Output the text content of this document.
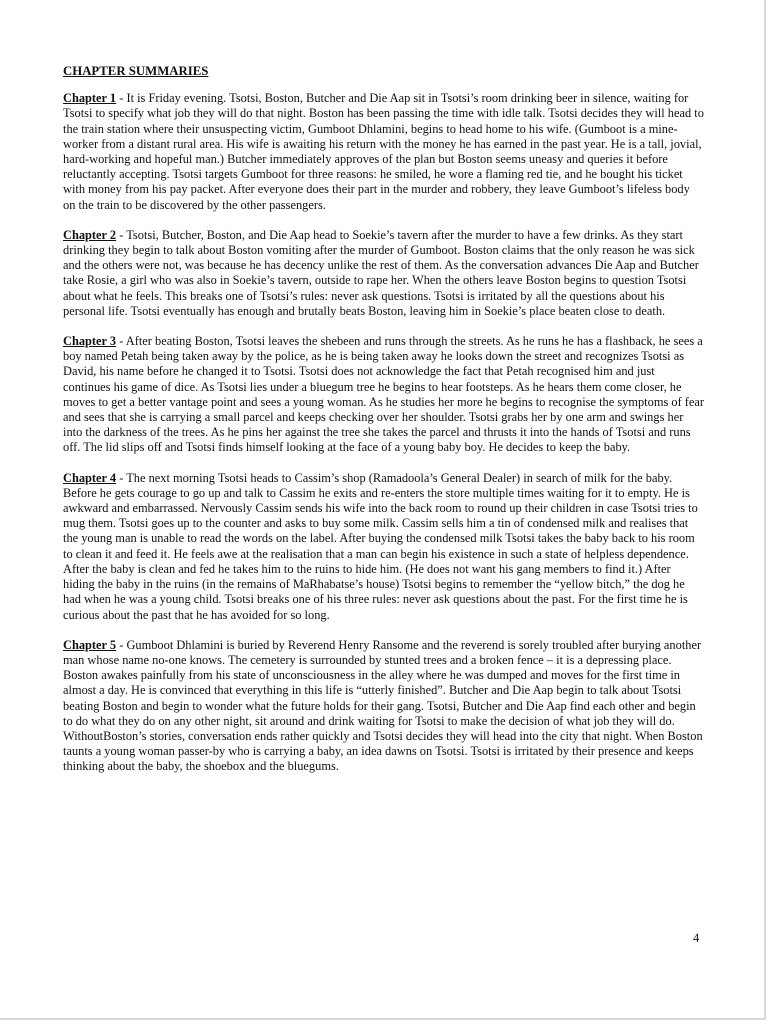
CHAPTER SUMMARIES

Chapter 1 - It is Friday evening. Tsotsi, Boston, Butcher and Die Aap sit in Tsotsi’s room drinking beer in silence, waiting for Tsotsi to specify what job they will do that night. Boston has been passing the time with idle talk. Tsotsi decides they will head to the train station where their unsuspecting victim, Gumboot Dhlamini, begins to head home to his wife. (Gumboot is a mine-worker from a distant rural area. His wife is awaiting his return with the money he has earned in the past year. He is a tall, jovial, hard-working and hopeful man.) Butcher immediately approves of the plan but Boston seems uneasy and queries it before reluctantly accepting. Tsotsi targets Gumboot for three reasons: he smiled, he wore a flaming red tie, and he bought his ticket with money from his pay packet. After everyone does their part in the murder and robbery, they leave Gumboot’s lifeless body on the train to be discovered by the other passengers.

Chapter 2 - Tsotsi, Butcher, Boston, and Die Aap head to Soekie’s tavern after the murder to have a few drinks. As they start drinking they begin to talk about Boston vomiting after the murder of Gumboot. Boston claims that the only reason he was sick and the others were not, was because he has decency unlike the rest of them. As the conversation advances Die Aap and Butcher take Rosie, a girl who was also in Soekie’s tavern, outside to rape her. When the others leave Boston begins to question Tsotsi about what he feels. This breaks one of Tsotsi’s rules: never ask questions. Tsotsi is irritated by all the questions about his personal life. Tsotsi eventually has enough and brutally beats Boston, leaving him in Soekie’s place beaten close to death.

Chapter 3 - After beating Boston, Tsotsi leaves the shebeen and runs through the streets. As he runs he has a flashback, he sees a boy named Petah being taken away by the police, as he is being taken away he looks down the street and recognizes Tsotsi as David, his name before he changed it to Tsotsi. Tsotsi does not acknowledge the fact that Petah recognised him and just continues his game of dice. As Tsotsi lies under a bluegum tree he begins to hear footsteps. As he hears them come closer, he moves to get a better vantage point and sees a young woman. As he studies her more he begins to recognise the symptoms of fear and sees that she is carrying a small parcel and keeps checking over her shoulder. Tsotsi grabs her by one arm and swings her into the darkness of the trees. As he pins her against the tree she takes the parcel and thrusts it into the hands of Tsotsi and runs off. The lid slips off and Tsotsi finds himself looking at the face of a young baby boy. He decides to keep the baby.

Chapter 4 - The next morning Tsotsi heads to Cassim’s shop (Ramadoola’s General Dealer) in search of milk for the baby. Before he gets courage to go up and talk to Cassim he exits and re-enters the store multiple times waiting for it to empty. He is awkward and embarrassed. Nervously Cassim sends his wife into the back room to round up their children in case Tsotsi tries to mug them. Tsotsi goes up to the counter and asks to buy some milk. Cassim sells him a tin of condensed milk and realises that the young man is unable to read the words on the label. After buying the condensed milk Tsotsi takes the baby back to his room to clean it and feed it. He feels awe at the realisation that a man can begin his existence in such a state of helpless dependence. After the baby is clean and fed he takes him to the ruins to hide him. (He does not want his gang members to find it.) After hiding the baby in the ruins (in the remains of MaRhabatse’s house) Tsotsi begins to remember the “yellow bitch,” the dog he had when he was a young child. Tsotsi breaks one of his three rules: never ask questions about the past. For the first time he is curious about the past that he has avoided for so long.

Chapter 5 - Gumboot Dhlamini is buried by Reverend Henry Ransome and the reverend is sorely troubled after burying another man whose name no-one knows. The cemetery is surrounded by stunted trees and a broken fence – it is a depressing place. Boston awakes painfully from his state of unconsciousness in the alley where he was dumped and moves for the first time in almost a day. He is convinced that everything in this life is “utterly finished”. Butcher and Die Aap begin to talk about Tsotsi beating Boston and begin to wonder what the future holds for their gang. Tsotsi, Butcher and Die Aap find each other and begin to do what they do on any other night, sit around and drink waiting for Tsotsi to make the decision of what job they will do. WithoutBoston’s stories, conversation ends rather quickly and Tsotsi decides they will head into the city that night. When Boston taunts a young woman passer-by who is carrying a baby, an idea dawns on Tsotsi. Tsotsi is irritated by their presence and keeps thinking about the baby, the shoebox and the bluegums.

4
